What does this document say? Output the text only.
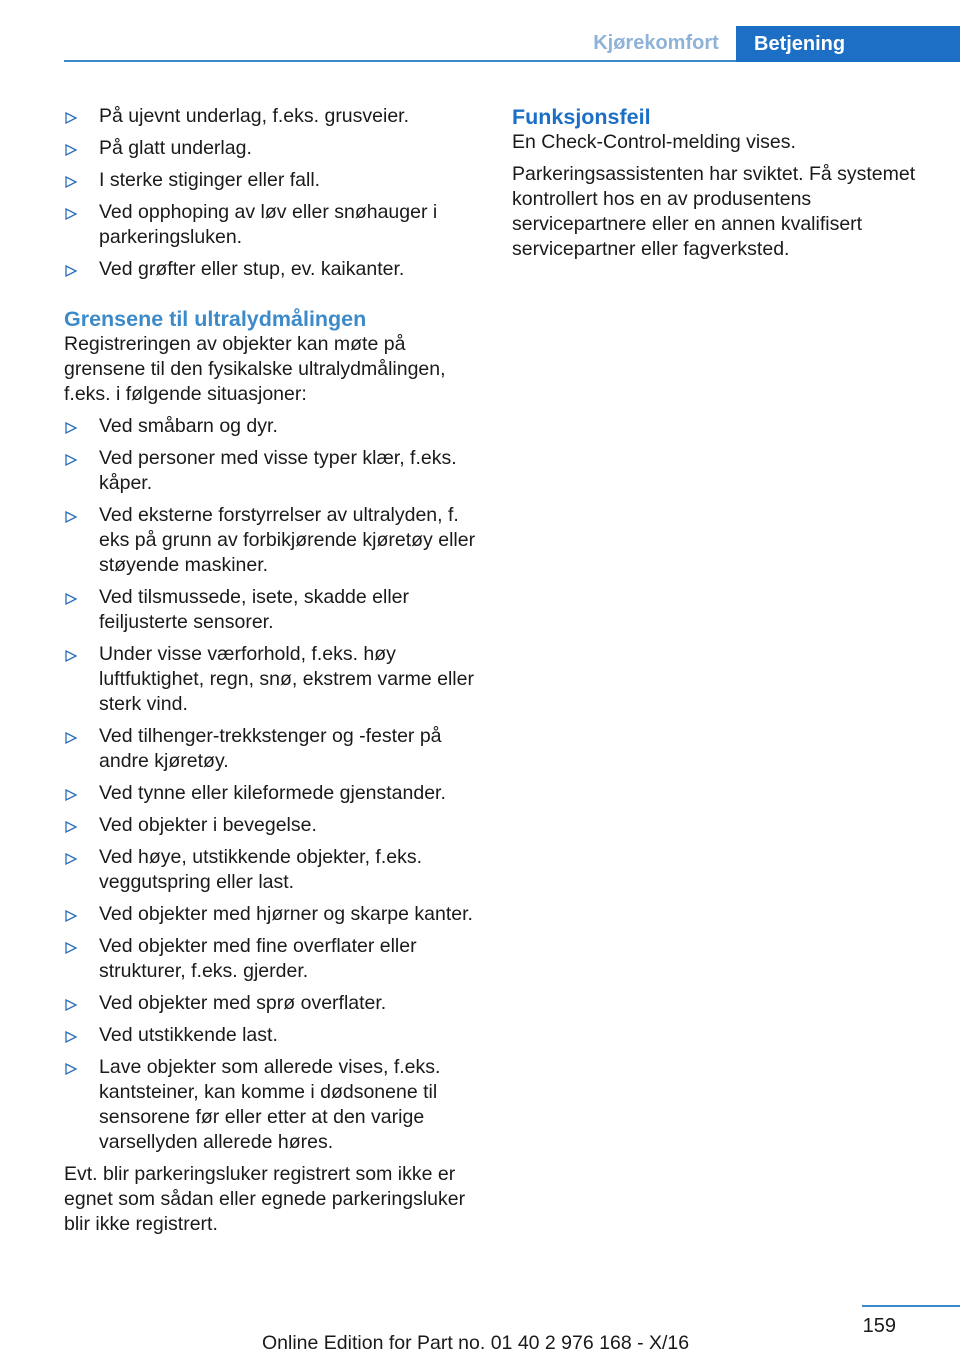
Kjørekomfort	Betjening
På ujevnt underlag, f.eks. grusveier.
På glatt underlag.
I sterke stiginger eller fall.
Ved opphoping av løv eller snøhauger i parkeringsluken.
Ved grøfter eller stup, ev. kaikanter.
Grensene til ultralydmålingen

Registreringen av objekter kan møte på grensene til den fysikalske ultralydmålingen, f.eks. i følgende situasjoner:

Ved småbarn og dyr.
Ved personer med visse typer klær, f.eks. kåper.
Ved eksterne forstyrrelser av ultralyden, f. eks på grunn av forbikjørende kjøretøy eller støyende maskiner.
Ved tilsmussede, isete, skadde eller feiljusterte sensorer.
Under visse værforhold, f.eks. høy luftfuktighet, regn, snø, ekstrem varme eller sterk vind.
Ved tilhenger-trekkstenger og -fester på andre kjøretøy.
Ved tynne eller kileformede gjenstander.
Ved objekter i bevegelse.
Ved høye, utstikkende objekter, f.eks. veggutspring eller last.
Ved objekter med hjørner og skarpe kanter.
Ved objekter med fine overflater eller strukturer, f.eks. gjerder.
Ved objekter med sprø overflater.
Ved utstikkende last.
Lave objekter som allerede vises, f.eks. kantsteiner, kan komme i dødsonene til sensorene før eller etter at den varige varsellyden allerede høres.

Evt. blir parkeringsluker registrert som ikke er egnet som sådan eller egnede parkeringsluker blir ikke registrert.

Funksjonsfeil

En Check-Control-melding vises.

Parkeringsassistenten har sviktet. Få systemet kontrollert hos en av produsentens servicepartnere eller en annen kvalifisert servicepartner eller fagverksted.

159
Online Edition for Part no. 01 40 2 976 168 - X/16
